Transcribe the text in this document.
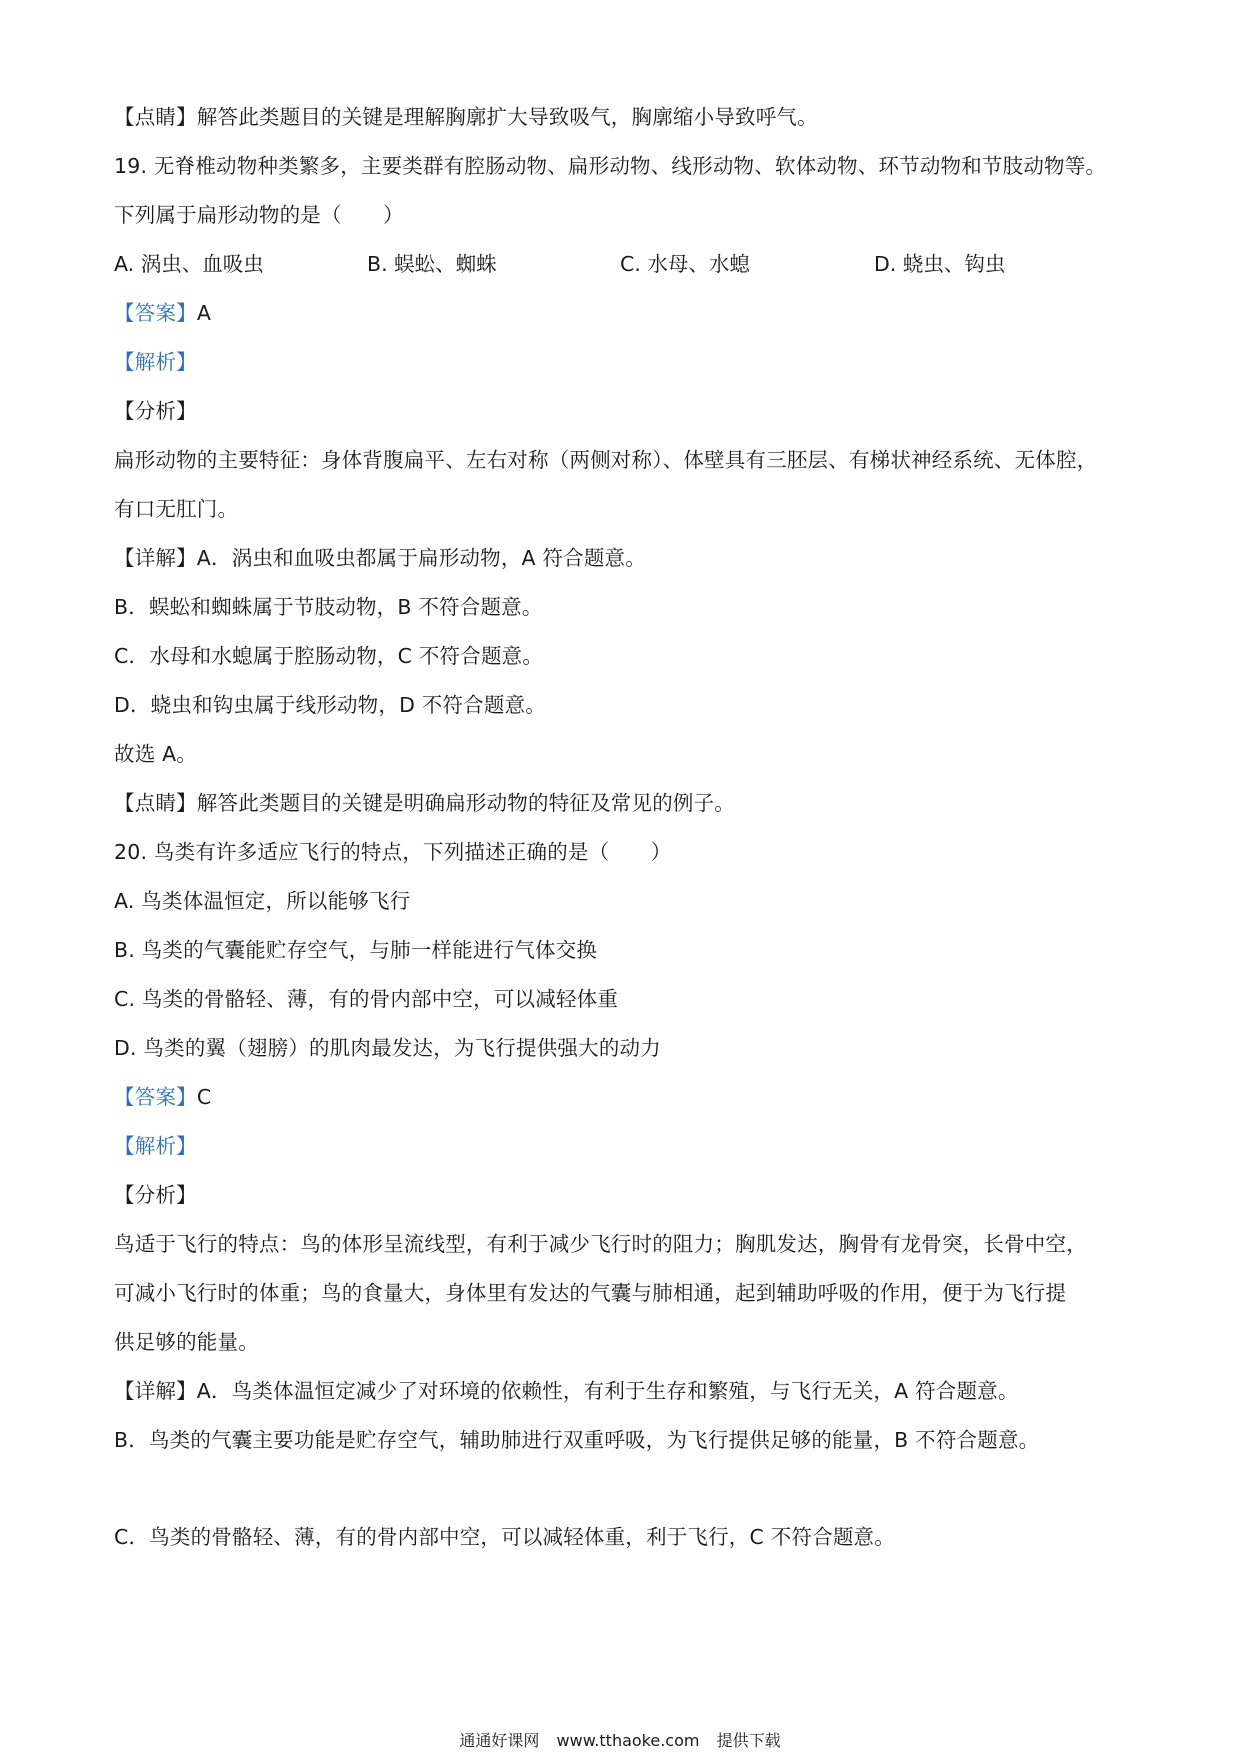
【点睛】解答此类题目的关键是理解胸廓扩大导致吸气，胸廓缩小导致呼气。
19. 无脊椎动物种类繁多，主要类群有腔肠动物、扁形动物、线形动物、软体动物、环节动物和节肢动物等。
下列属于扁形动物的是（　　）
A. 涡虫、血吸虫	B. 蜈蚣、蜘蛛	C. 水母、水螅	D. 蛲虫、钩虫
【答案】A
【解析】
【分析】
扁形动物的主要特征：身体背腹扁平、左右对称（两侧对称）、体壁具有三胚层、有梯状神经系统、无体腔，
有口无肛门。
【详解】A．涡虫和血吸虫都属于扁形动物，A 符合题意。
B．蜈蚣和蜘蛛属于节肢动物，B 不符合题意。
C．水母和水螅属于腔肠动物，C 不符合题意。
D．蛲虫和钩虫属于线形动物，D 不符合题意。
故选 A。
【点睛】解答此类题目的关键是明确扁形动物的特征及常见的例子。
20. 鸟类有许多适应飞行的特点，下列描述正确的是（　　）
A. 鸟类体温恒定，所以能够飞行
B. 鸟类的气囊能贮存空气，与肺一样能进行气体交换
C. 鸟类的骨骼轻、薄，有的骨内部中空，可以减轻体重
D. 鸟类的翼（翅膀）的肌肉最发达，为飞行提供强大的动力
【答案】C
【解析】
【分析】
鸟适于飞行的特点：鸟的体形呈流线型，有利于减少飞行时的阻力；胸肌发达，胸骨有龙骨突，长骨中空，
可减小飞行时的体重；鸟的食量大，身体里有发达的气囊与肺相通，起到辅助呼吸的作用，便于为飞行提
供足够的能量。
【详解】A．鸟类体温恒定减少了对环境的依赖性，有利于生存和繁殖，与飞行无关，A 符合题意。
B．鸟类的气囊主要功能是贮存空气，辅助肺进行双重呼吸，为飞行提供足够的能量，B 不符合题意。
C．鸟类的骨骼轻、薄，有的骨内部中空，可以减轻体重，利于飞行，C 不符合题意。
通通好课网 www.tthaoke.com 提供下载
